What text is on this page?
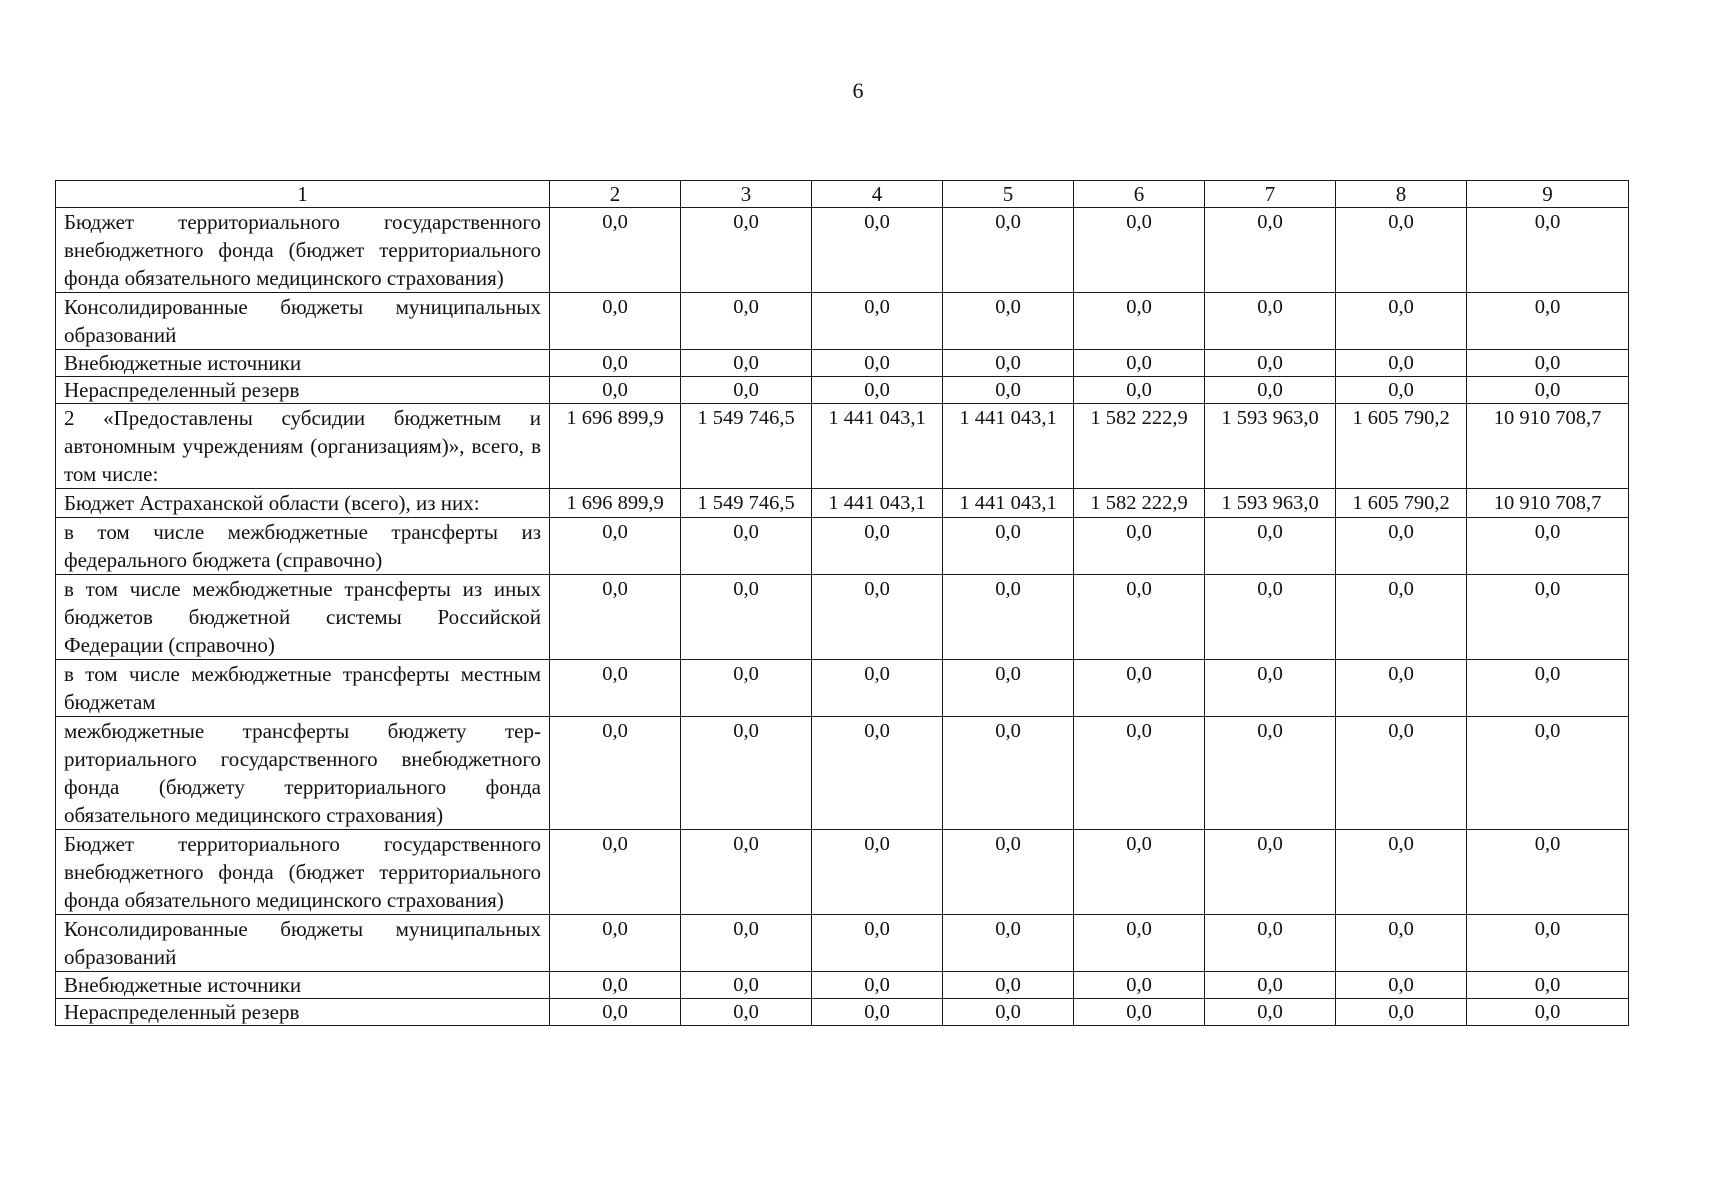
6
1	2	3	4	5	6	7	8	9
Бюджет территориального государственного внебюджетного фонда (бюджет территориального фонда обязательного медицинского страхования)	0,0	0,0	0,0	0,0	0,0	0,0	0,0	0,0
Консолидированные бюджеты муниципальных образований	0,0	0,0	0,0	0,0	0,0	0,0	0,0	0,0
Внебюджетные источники	0,0	0,0	0,0	0,0	0,0	0,0	0,0	0,0
Нераспределенный резерв	0,0	0,0	0,0	0,0	0,0	0,0	0,0	0,0
2 «Предоставлены субсидии бюджетным и автономным учреждениям (организациям)», всего, в том числе:	1 696 899,9	1 549 746,5	1 441 043,1	1 441 043,1	1 582 222,9	1 593 963,0	1 605 790,2	10 910 708,7
Бюджет Астраханской области (всего), из них:	1 696 899,9	1 549 746,5	1 441 043,1	1 441 043,1	1 582 222,9	1 593 963,0	1 605 790,2	10 910 708,7
в том числе межбюджетные трансферты из федерального бюджета (справочно)	0,0	0,0	0,0	0,0	0,0	0,0	0,0	0,0
в том числе межбюджетные трансферты из иных бюджетов бюджетной системы Российской Федерации (справочно)	0,0	0,0	0,0	0,0	0,0	0,0	0,0	0,0
в том числе межбюджетные трансферты местным бюджетам	0,0	0,0	0,0	0,0	0,0	0,0	0,0	0,0
межбюджетные трансферты бюджету территориального государственного внебюджетного фонда (бюджету территориального фонда обязательного медицинского страхования)	0,0	0,0	0,0	0,0	0,0	0,0	0,0	0,0
Бюджет территориального государственного внебюджетного фонда (бюджет территориального фонда обязательного медицинского страхования)	0,0	0,0	0,0	0,0	0,0	0,0	0,0	0,0
Консолидированные бюджеты муниципальных образований	0,0	0,0	0,0	0,0	0,0	0,0	0,0	0,0
Внебюджетные источники	0,0	0,0	0,0	0,0	0,0	0,0	0,0	0,0
Нераспределенный резерв	0,0	0,0	0,0	0,0	0,0	0,0	0,0	0,0
